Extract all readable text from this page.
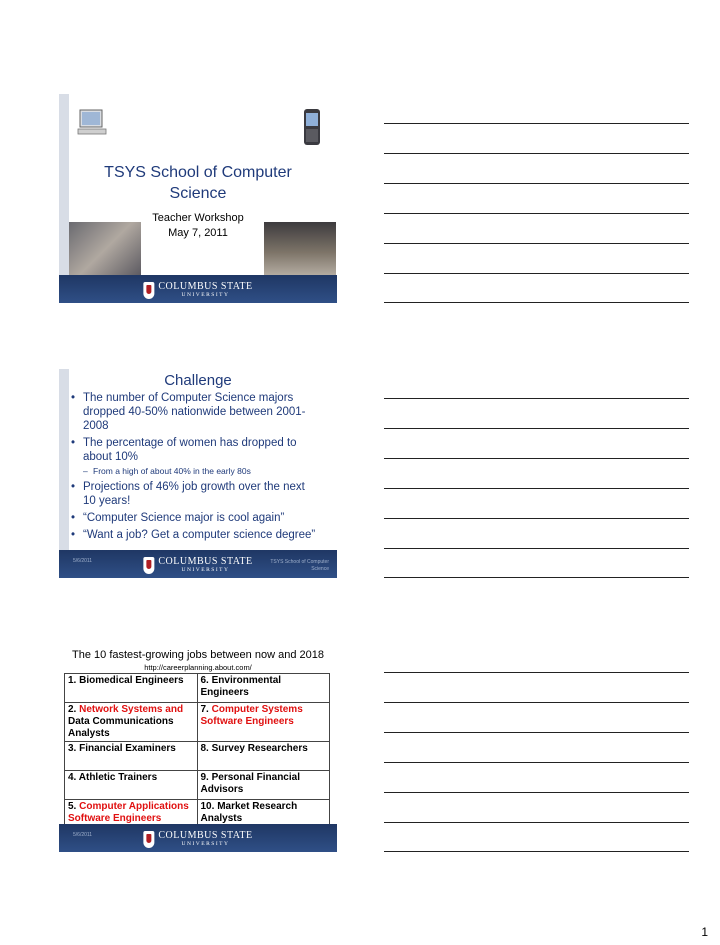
TSYS School of Computer Science
Teacher Workshop
May 7, 2011
COLUMBUS STATE
UNIVERSITY
Challenge
• The number of Computer Science majors dropped 40-50% nationwide between 2001-2008
• The percentage of women has dropped to about 10%
– From a high of about 40% in the early 80s
• Projections of 46% job growth over the next 10 years!
• “Computer Science major is cool again”
• “Want a job? Get a computer science degree”
5/6/2011	COLUMBUS STATE
UNIVERSITY
TSYS School of Computer Science
The 10 fastest-growing jobs between now and 2018
http://careerplanning.about.com/
1. Biomedical Engineers	6. Environmental Engineers
2. Network Systems and Data Communications Analysts	7. Computer Systems Software Engineers
3. Financial Examiners	8. Survey Researchers
4. Athletic Trainers	9. Personal Financial Advisors
5. Computer Applications Software Engineers	10. Market Research Analysts
5/6/2011	COLUMBUS STATE
UNIVERSITY
1
